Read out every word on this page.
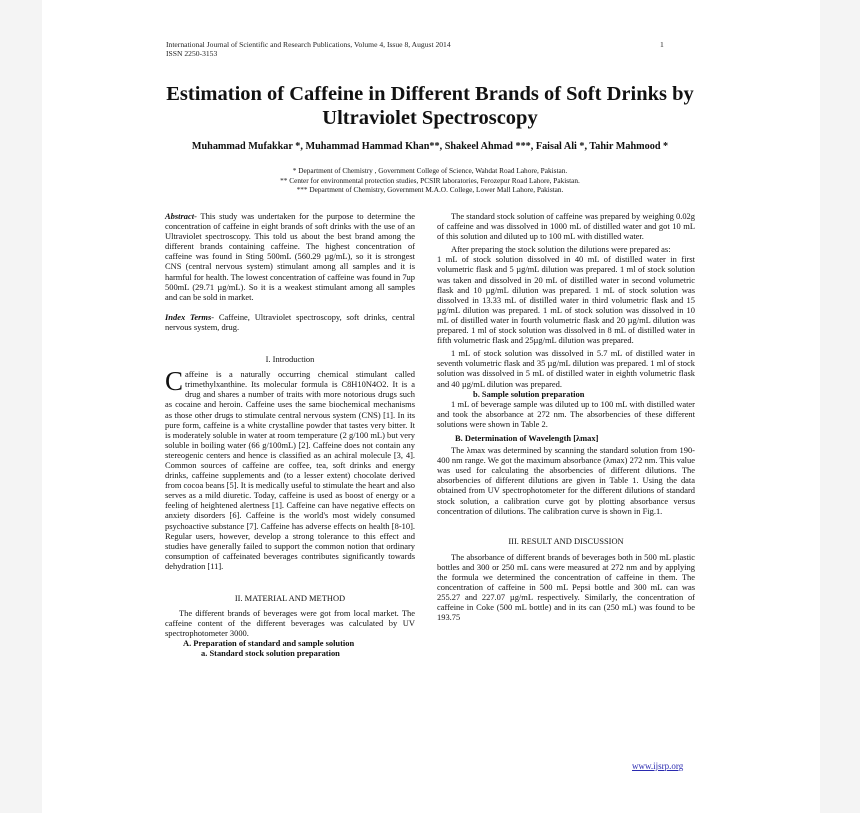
International Journal of Scientific and Research Publications, Volume 4, Issue 8, August 2014
ISSN 2250-3153
1
Estimation of Caffeine in Different Brands of Soft Drinks by Ultraviolet Spectroscopy
Muhammad Mufakkar *, Muhammad Hammad Khan**, Shakeel Ahmad ***, Faisal Ali *, Tahir Mahmood *
* Department of Chemistry , Government College of Science, Wahdat Road Lahore, Pakistan.
** Center for environmental protection studies, PCSIR laboratories, Ferozepur Road Lahore, Pakistan.
*** Department of Chemistry, Government M.A.O. College, Lower Mall Lahore, Pakistan.

Abstract- This study was undertaken for the purpose to determine the concentration of caffeine in eight brands of soft drinks with the use of an Ultraviolet spectroscopy. This told us about the best brand among the different brands containing caffeine. The highest concentration of caffeine was found in Sting 500mL (560.29 µg/mL), so it is strongest CNS (central nervous system) stimulant among all samples and it is harmful for health. The lowest concentration of caffeine was found in 7up 500mL (29.71 µg/mL). So it is a weakest stimulant among all samples and can be sold in market.

Index Terms- Caffeine, Ultraviolet spectroscopy, soft drinks, central nervous system, drug.

I. Introduction

Caffeine is a naturally occurring chemical stimulant called trimethylxanthine. Its molecular formula is C8H10N4O2. It is a drug and shares a number of traits with more notorious drugs such as cocaine and heroin. Caffeine uses the same biochemical mechanisms as those other drugs to stimulate central nervous system (CNS) [1]. In its pure form, caffeine is a white crystalline powder that tastes very bitter. It is moderately soluble in water at room temperature (2 g/100 mL) but very soluble in boiling water (66 g/100mL) [2]. Caffeine does not contain any stereogenic centers and hence is classified as an achiral molecule [3, 4]. Common sources of caffeine are coffee, tea, soft drinks and energy drinks, caffeine supplements and (to a lesser extent) chocolate derived from cocoa beans [5]. It is medically useful to stimulate the heart and also serves as a mild diuretic. Today, caffeine is used as boost of energy or a feeling of heightened alertness [1]. Caffeine can have negative effects on anxiety disorders [6]. Caffeine is the world's most widely consumed psychoactive substance [7]. Caffeine has adverse effects on health [8-10]. Regular users, however, develop a strong tolerance to this effect and studies have generally failed to support the common notion that ordinary consumption of caffeinated beverages contributes significantly towards dehydration [11].

II. MATERIAL AND METHOD

The different brands of beverages were got from local market. The caffeine content of the different beverages was calculated by UV spectrophotometer 3000.

A. Preparation of standard and sample solution

a. Standard stock solution preparation

The standard stock solution of caffeine was prepared by weighing 0.02g of caffeine and was dissolved in 1000 mL of distilled water and got 10 mL of this solution and diluted up to 100 mL with distilled water.

After preparing the stock solution the dilutions were prepared as:

1 mL of stock solution dissolved in 40 mL of distilled water in first volumetric flask and 5 µg/mL dilution was prepared. 1 ml of stock solution was taken and dissolved in 20 mL of distilled water in second volumetric flask and 10 µg/mL dilution was prepared. 1 mL of stock solution was dissolved in 13.33 mL of distilled water in third volumetric flask and 15 µg/mL dilution was prepared. 1 mL of stock solution was dissolved in 10 mL of distilled water in fourth volumetric flask and 20 µg/mL dilution was prepared. 1 ml of stock solution was dissolved in 8 mL of distilled water in fifth volumetric flask and 25µg/mL dilution was prepared.

1 mL of stock solution was dissolved in 5.7 mL of distilled water in seventh volumetric flask and 35 µg/mL dilution was prepared. 1 ml of stock solution was dissolved in 5 mL of distilled water in eighth volumetric flask and 40 µg/mL dilution was prepared.

b. Sample solution preparation

1 mL of beverage sample was diluted up to 100 mL with distilled water and took the absorbance at 272 nm. The absorbencies of these different solutions were shown in Table 2.

B. Determination of Wavelength [λmax]

The λmax was determined by scanning the standard solution from 190-400 nm range. We got the maximum absorbance (λmax) 272 nm. This value was used for calculating the absorbencies of different dilutions. The absorbencies of different dilutions are given in Table 1. Using the data obtained from UV spectrophotometer for the different dilutions of standard stock solution, a calibration curve got by plotting absorbance versus concentration of dilutions. The calibration curve is shown in Fig.1.

III. RESULT AND DISCUSSION

The absorbance of different brands of beverages both in 500 mL plastic bottles and 300 or 250 mL cans were measured at 272 nm and by applying the formula we determined the concentration of caffeine in them. The concentration of caffeine in 500 mL Pepsi bottle and 300 mL can was 255.27 and 227.07 µg/mL respectively. Similarly, the concentration of caffeine in Coke (500 mL bottle) and in its can (250 mL) was found to be 193.75

www.ijsrp.org
